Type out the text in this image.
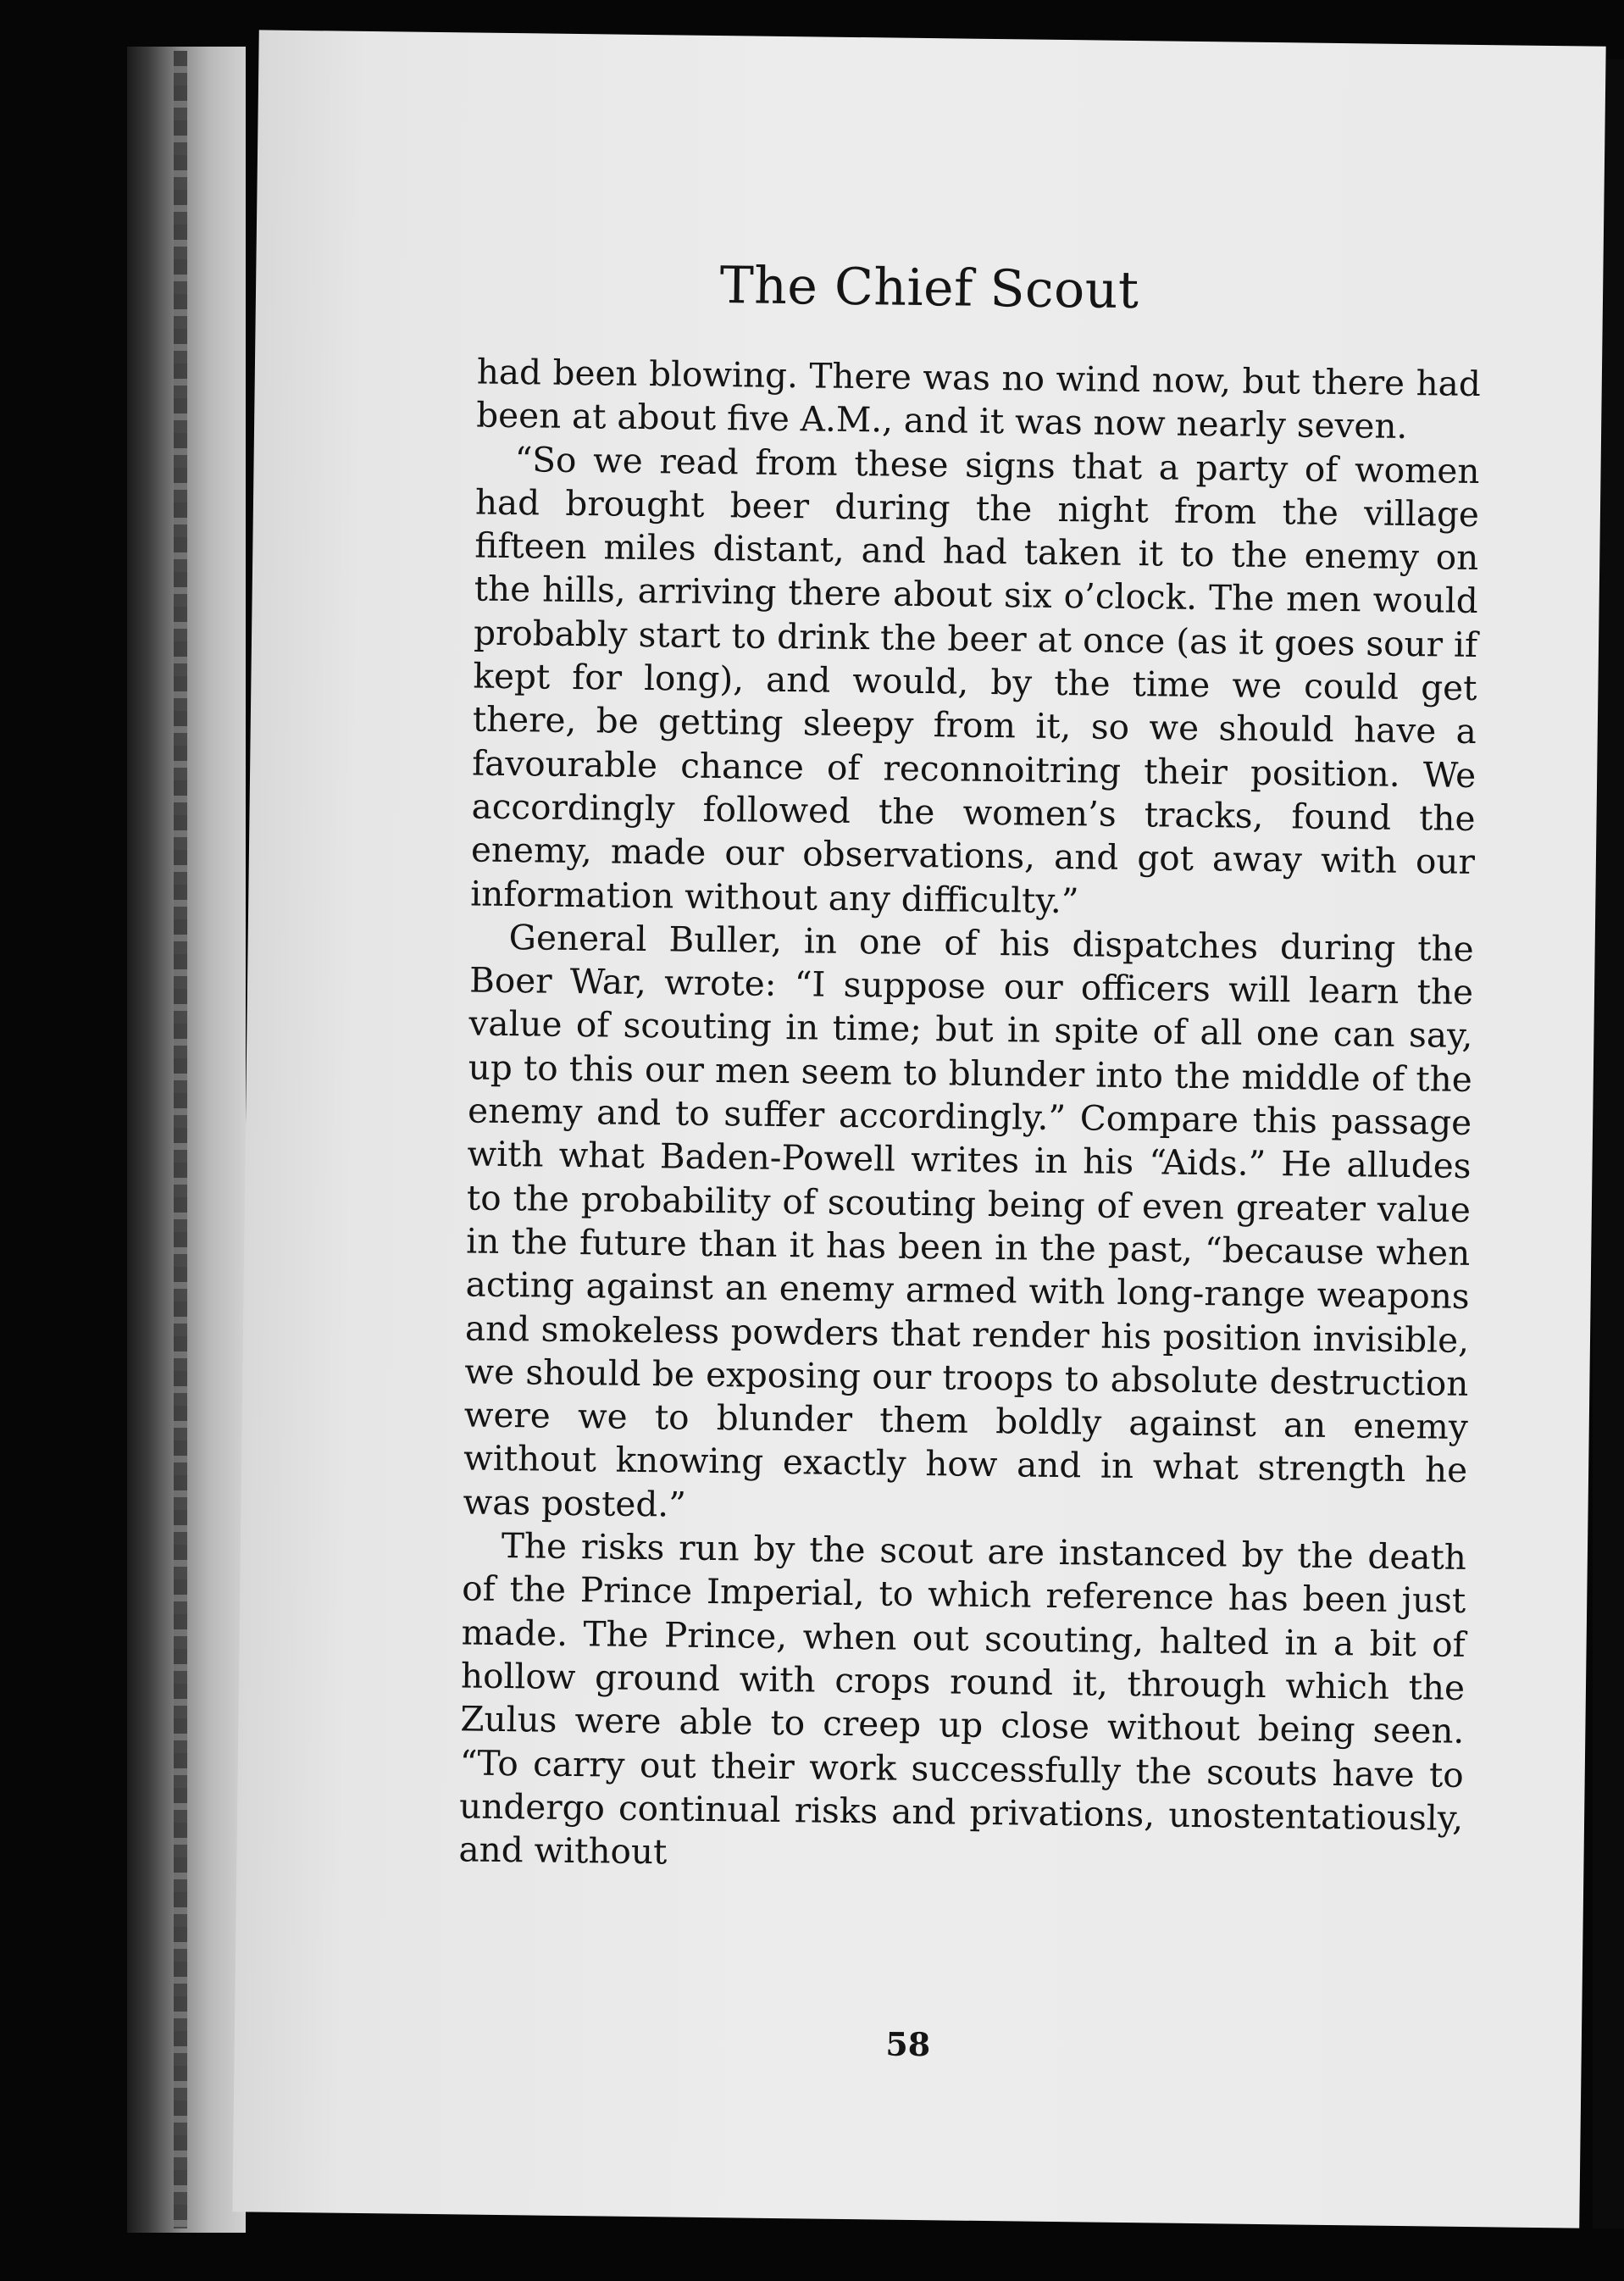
The Chief Scout

had been blowing. There was no wind now, but there had been at about five A.M., and it was now nearly seven.

“So we read from these signs that a party of women had brought beer during the night from the village fifteen miles distant, and had taken it to the enemy on the hills, arriving there about six o’clock. The men would probably start to drink the beer at once (as it goes sour if kept for long), and would, by the time we could get there, be getting sleepy from it, so we should have a favourable chance of reconnoitring their position. We accordingly followed the women’s tracks, found the enemy, made our observations, and got away with our information without any difficulty.”

General Buller, in one of his dispatches during the Boer War, wrote: “I suppose our officers will learn the value of scouting in time; but in spite of all one can say, up to this our men seem to blunder into the middle of the enemy and to suffer accordingly.” Compare this passage with what Baden-Powell writes in his “Aids.” He alludes to the probability of scouting being of even greater value in the future than it has been in the past, “because when acting against an enemy armed with long-range weapons and smokeless powders that render his position invisible, we should be exposing our troops to absolute destruction were we to blunder them boldly against an enemy without knowing exactly how and in what strength he was posted.”

The risks run by the scout are instanced by the death of the Prince Imperial, to which reference has been just made. The Prince, when out scouting, halted in a bit of hollow ground with crops round it, through which the Zulus were able to creep up close without being seen. “To carry out their work successfully the scouts have to undergo continual risks and privations, unostentatiously, and without

58
